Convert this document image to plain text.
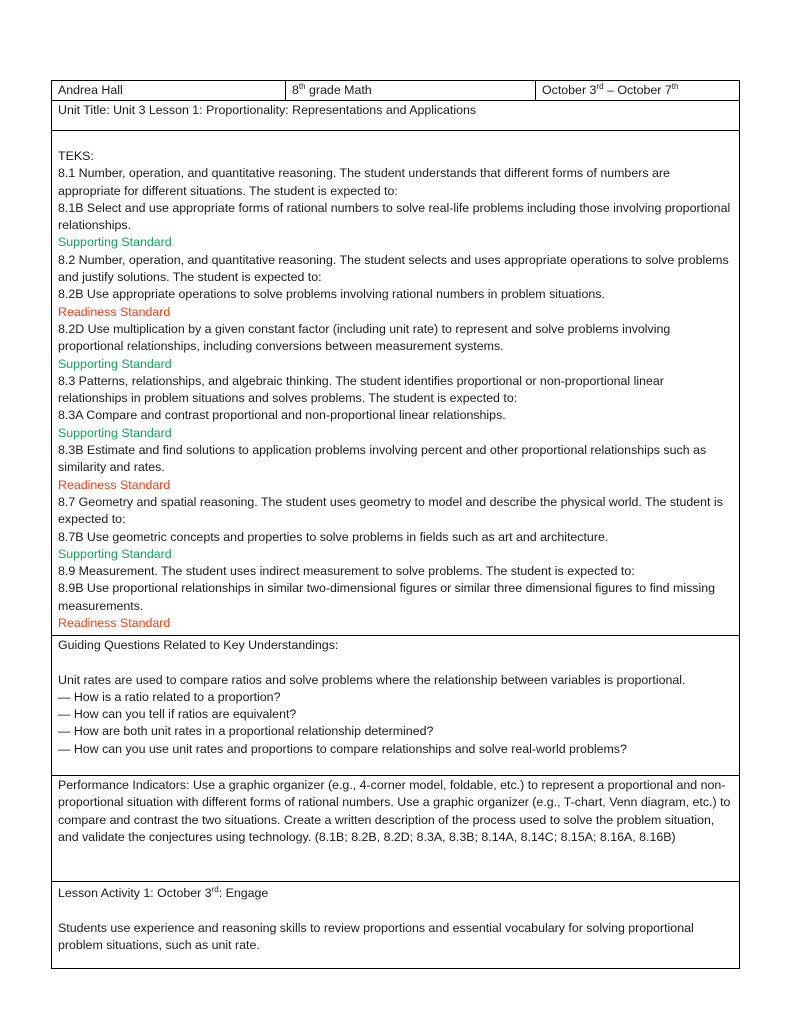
Andrea Hall	8th grade Math	October 3rd – October 7th

Unit Title: Unit 3 Lesson 1: Proportionality: Representations and Applications

TEKS:

8.1 Number, operation, and quantitative reasoning. The student understands that different forms of numbers are appropriate for different situations. The student is expected to:

8.1B Select and use appropriate forms of rational numbers to solve real-life problems including those involving proportional relationships.

Supporting Standard

8.2 Number, operation, and quantitative reasoning. The student selects and uses appropriate operations to solve problems and justify solutions. The student is expected to:

8.2B Use appropriate operations to solve problems involving rational numbers in problem situations.

Readiness Standard

8.2D Use multiplication by a given constant factor (including unit rate) to represent and solve problems involving proportional relationships, including conversions between measurement systems.

Supporting Standard

8.3 Patterns, relationships, and algebraic thinking. The student identifies proportional or non-proportional linear relationships in problem situations and solves problems. The student is expected to:

8.3A Compare and contrast proportional and non-proportional linear relationships.

Supporting Standard

8.3B Estimate and find solutions to application problems involving percent and other proportional relationships such as similarity and rates.

Readiness Standard

8.7 Geometry and spatial reasoning. The student uses geometry to model and describe the physical world. The student is expected to:

8.7B Use geometric concepts and properties to solve problems in fields such as art and architecture.

Supporting Standard

8.9 Measurement. The student uses indirect measurement to solve problems. The student is expected to:

8.9B Use proportional relationships in similar two-dimensional figures or similar three dimensional figures to find missing measurements.

Readiness Standard

Guiding Questions Related to Key Understandings:

Unit rates are used to compare ratios and solve problems where the relationship between variables is proportional.

— How is a ratio related to a proportion?

— How can you tell if ratios are equivalent?

— How are both unit rates in a proportional relationship determined?

— How can you use unit rates and proportions to compare relationships and solve real-world problems?

Performance Indicators: Use a graphic organizer (e.g., 4-corner model, foldable, etc.) to represent a proportional and non-proportional situation with different forms of rational numbers. Use a graphic organizer (e.g., T-chart, Venn diagram, etc.) to compare and contrast the two situations. Create a written description of the process used to solve the problem situation, and validate the conjectures using technology. (8.1B; 8.2B, 8.2D; 8.3A, 8.3B; 8.14A, 8.14C; 8.15A; 8.16A, 8.16B)

Lesson Activity 1: October 3rd: Engage

Students use experience and reasoning skills to review proportions and essential vocabulary for solving proportional problem situations, such as unit rate.
